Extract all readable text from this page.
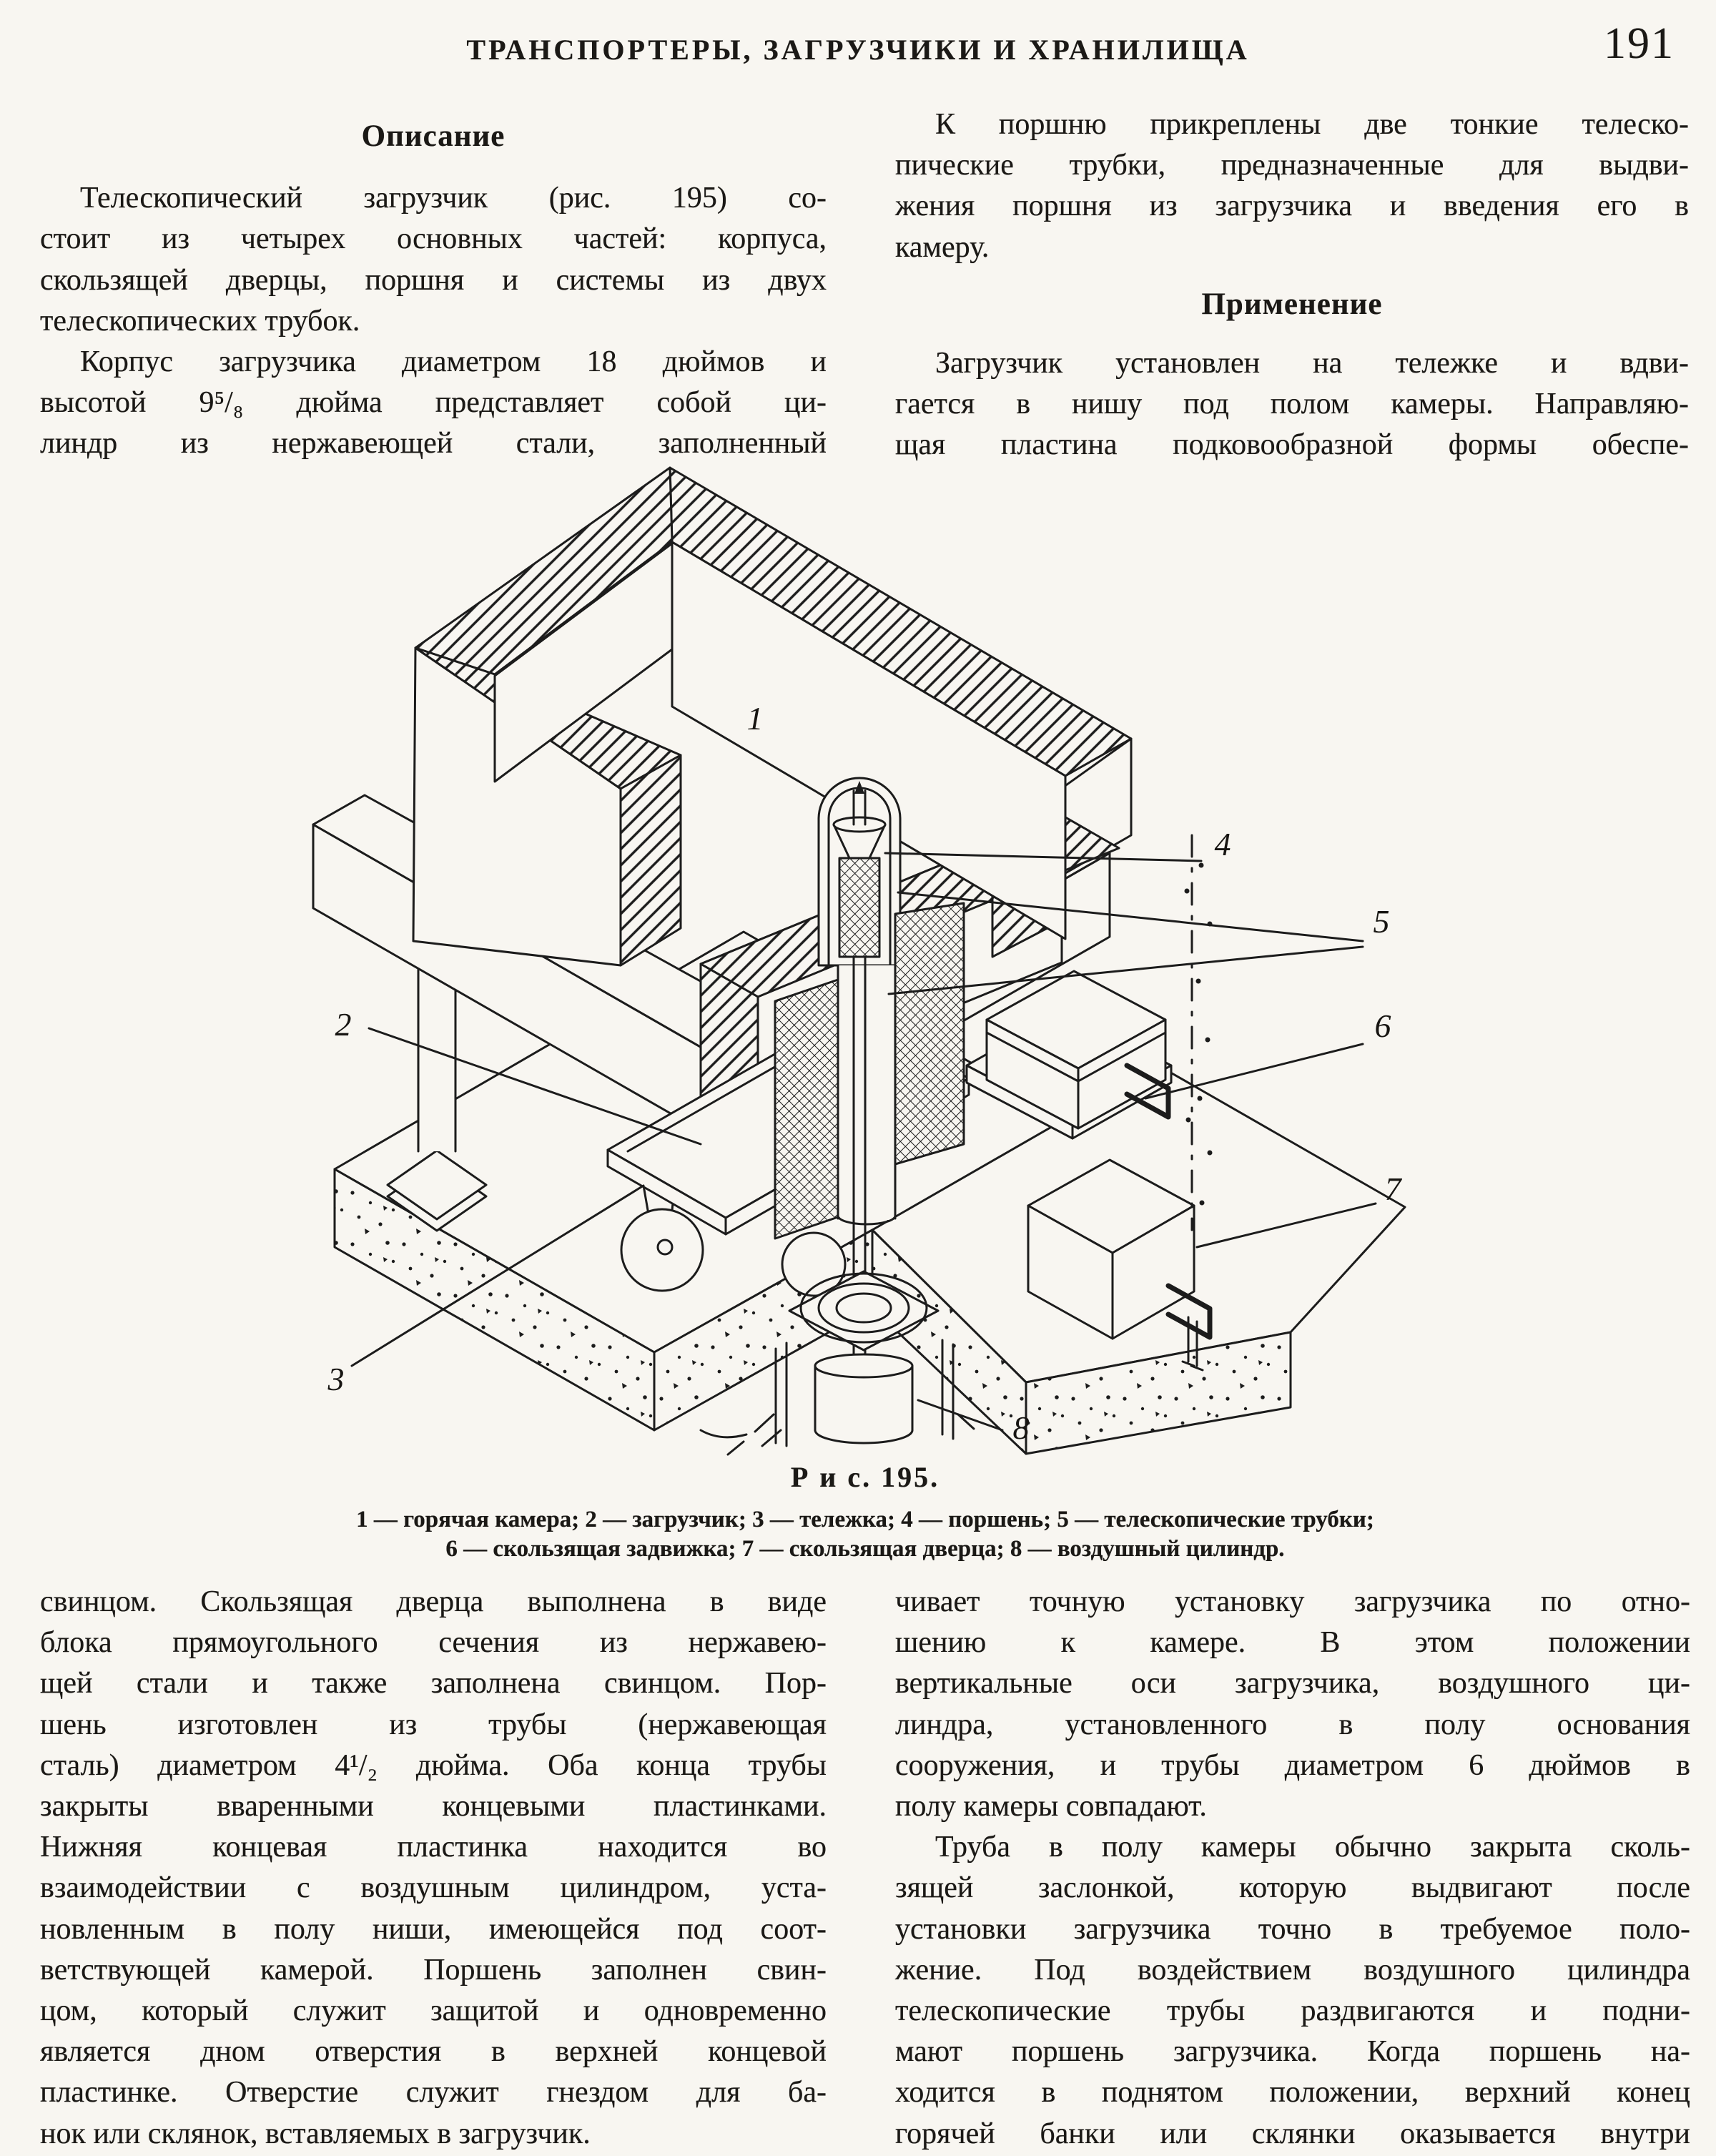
ТРАНСПОРТЕРЫ, ЗАГРУЗЧИКИ И ХРАНИЛИЩА	191
Описание
Телескопический загрузчик (рис. 195) со-
стоит из четырех основных частей: корпуса,
скользящей дверцы, поршня и системы из двух
телескопических трубок.
Корпус загрузчика диаметром 18 дюймов и
высотой 9⁵/₈ дюйма представляет собой ци-
линдр из нержавеющей стали, заполненный
К поршню прикреплены две тонкие телеско-
пические трубки, предназначенные для выдви-
жения поршня из загрузчика и введения его в
камеру.
Применение
Загрузчик установлен на тележке и вдви-
гается в нишу под полом камеры. Направляю-
щая пластина подковообразной формы обеспе-
1
2
3
4
5
6
7
8
Р и с. 195.
1 — горячая камера; 2 — загрузчик; 3 — тележка; 4 — поршень; 5 — телескопические трубки;
6 — скользящая задвижка; 7 — скользящая дверца; 8 — воздушный цилиндр.
свинцом. Скользящая дверца выполнена в виде
блока прямоугольного сечения из нержавею-
щей стали и также заполнена свинцом. Пор-
шень изготовлен из трубы (нержавеющая
сталь) диаметром 4¹/₂ дюйма. Оба конца трубы
закрыты вваренными концевыми пластинками.
Нижняя концевая пластинка находится во
взаимодействии с воздушным цилиндром, уста-
новленным в полу ниши, имеющейся под соот-
ветствующей камерой. Поршень заполнен свин-
цом, который служит защитой и одновременно
является дном отверстия в верхней концевой
пластинке. Отверстие служит гнездом для ба-
нок или склянок, вставляемых в загрузчик.
чивает точную установку загрузчика по отно-
шению к камере. В этом положении
вертикальные оси загрузчика, воздушного ци-
линдра, установленного в полу основания
сооружения, и трубы диаметром 6 дюймов в
полу камеры совпадают.
Труба в полу камеры обычно закрыта сколь-
зящей заслонкой, которую выдвигают после
установки загрузчика точно в требуемое поло-
жение. Под воздействием воздушного цилиндра
телескопические трубы раздвигаются и подни-
мают поршень загрузчика. Когда поршень на-
ходится в поднятом положении, верхний конец
горячей банки или склянки оказывается внутри
